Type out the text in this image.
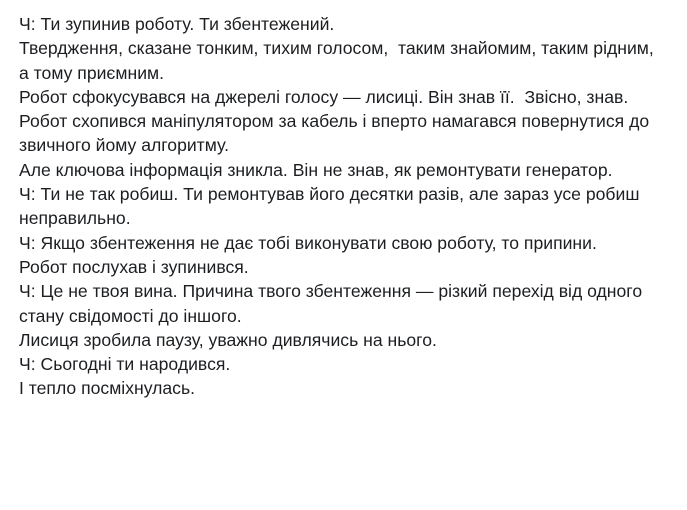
Ч: Ти зупинив роботу. Ти збентежений.

Твердження, сказане тонким, тихим голосом,  таким знайомим, таким рідним, а тому приємним.

Робот сфокусувався на джерелі голосу — лисиці. Він знав її.  Звісно, знав.

Робот схопився маніпулятором за кабель і вперто намагався повернутися до звичного йому алгоритму.

Але ключова інформація зникла. Він не знав, як ремонтувати генератор.

Ч: Ти не так робиш. Ти ремонтував його десятки разів, але зараз усе робиш неправильно.

Ч: Якщо збентеження не дає тобі виконувати свою роботу, то припини.

Робот послухав і зупинився.

Ч: Це не твоя вина. Причина твого збентеження — різкий перехід від одного стану свідомості до іншого.

Лисиця зробила паузу, уважно дивлячись на нього.

Ч: Сьогодні ти народився.

І тепло посміхнулась.
